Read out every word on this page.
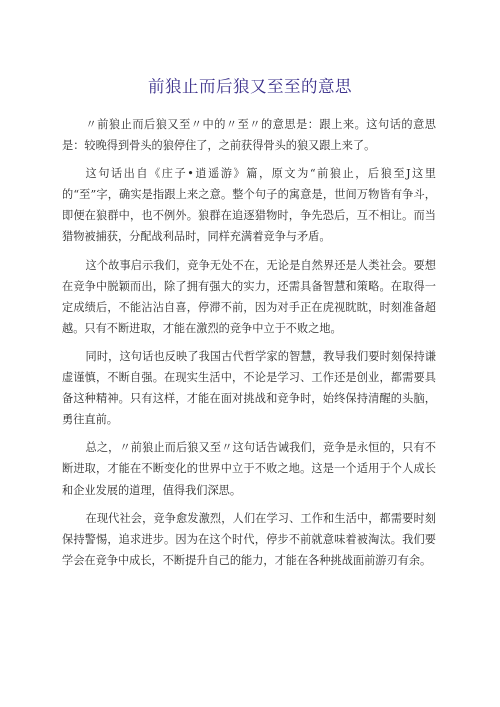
前狼止而后狼又至至的意思

〃前狼止而后狼又至〃中的〃至〃的意思是：跟上来。这句话的意思是：较晚得到骨头的狼停住了，之前获得骨头的狼又跟上来了。

这句话出自《庄子•逍遥游》篇，原文为“前狼止，后狼至J这里的“至”字，确实是指跟上来之意。整个句子的寓意是，世间万物皆有争斗，即便在狼群中，也不例外。狼群在追逐猎物时，争先恐后，互不相让。而当猎物被捕获，分配战利品时，同样充满着竞争与矛盾。

这个故事启示我们，竞争无处不在，无论是自然界还是人类社会。要想在竞争中脱颖而出，除了拥有强大的实力，还需具备智慧和策略。在取得一定成绩后，不能沾沾自喜，停滞不前，因为对手正在虎视眈眈，时刻准备超越。只有不断进取，才能在激烈的竞争中立于不败之地。

同时，这句话也反映了我国古代哲学家的智慧，教导我们要时刻保持谦虚谨慎，不断自强。在现实生活中，不论是学习、工作还是创业，都需要具备这种精神。只有这样，才能在面对挑战和竞争时，始终保持清醒的头脑，勇往直前。

总之，〃前狼止而后狼又至〃这句话告诫我们，竞争是永恒的，只有不断进取，才能在不断变化的世界中立于不败之地。这是一个适用于个人成长和企业发展的道理，值得我们深思。

在现代社会，竞争愈发激烈，人们在学习、工作和生活中，都需要时刻保持警惕，追求进步。因为在这个时代，停步不前就意味着被淘汰。我们要学会在竞争中成长，不断提升自己的能力，才能在各种挑战面前游刃有余。
